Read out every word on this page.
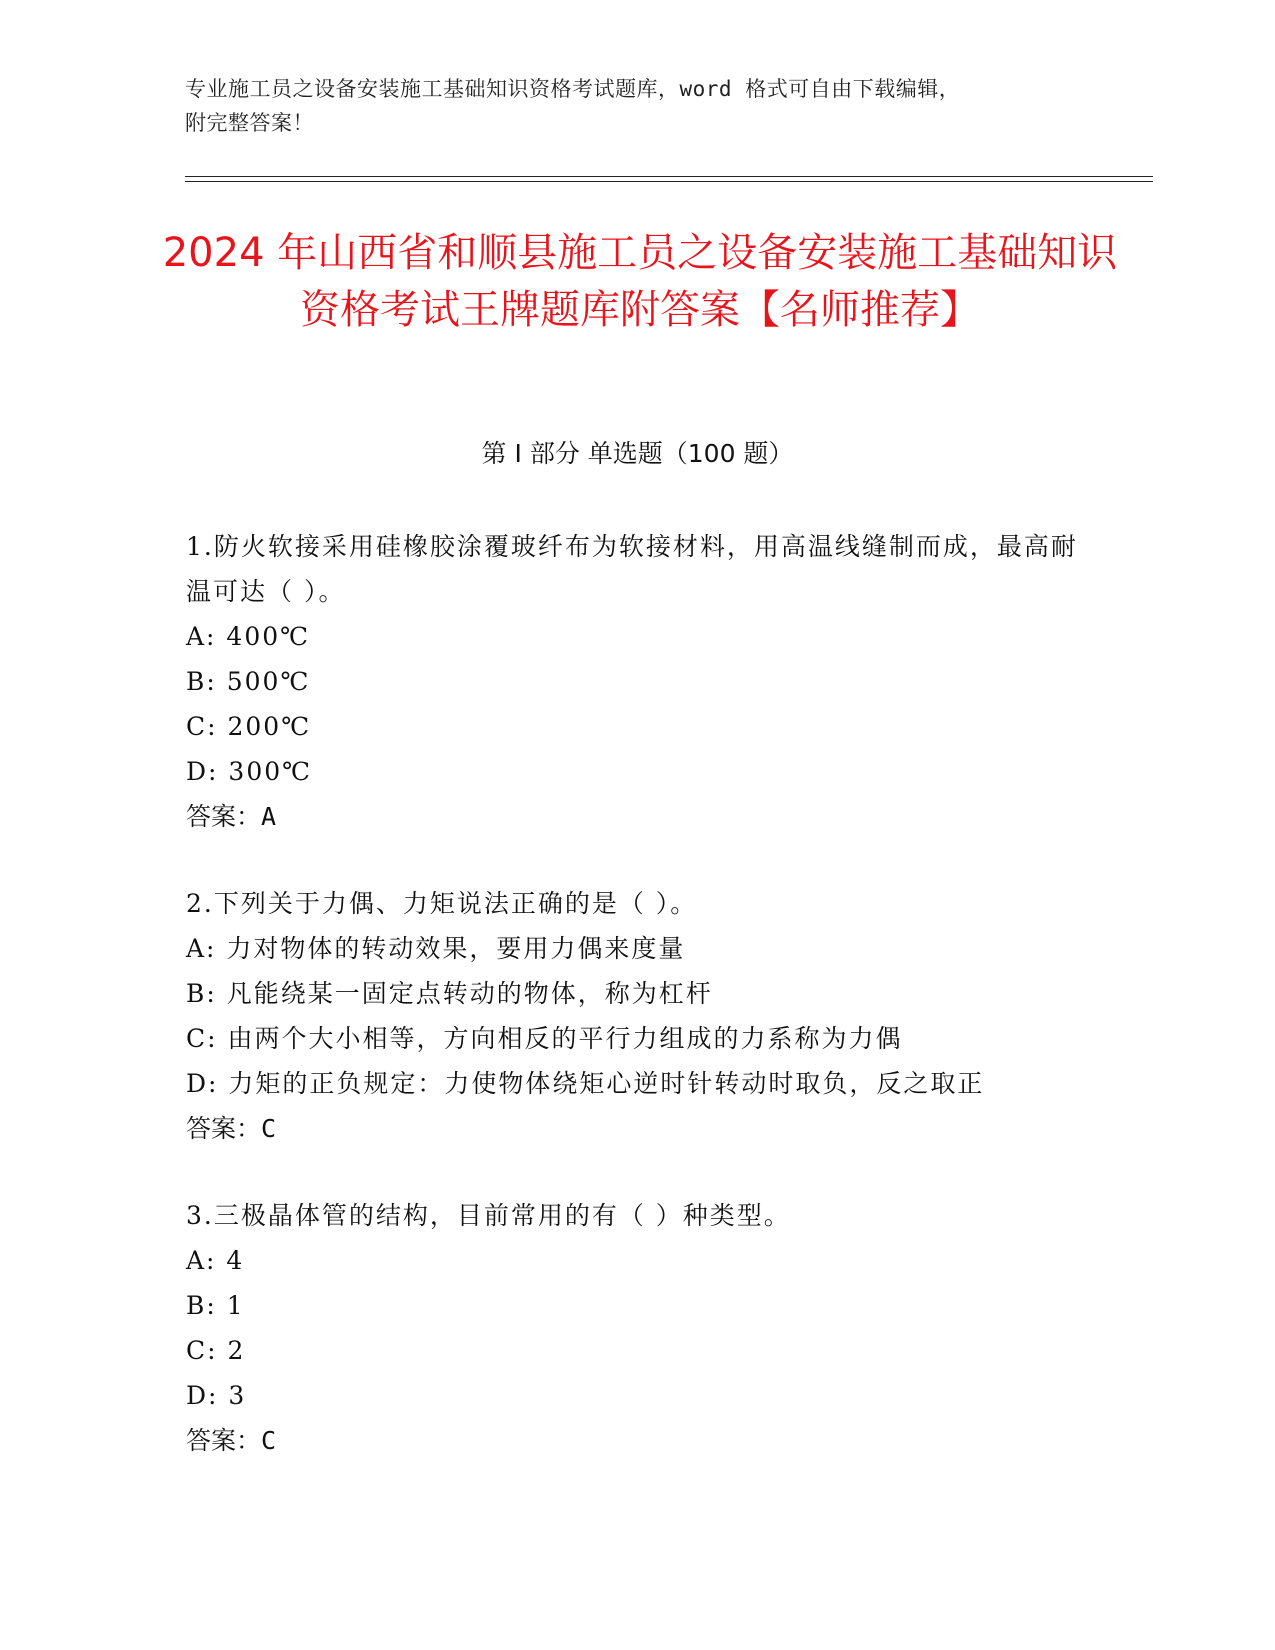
专业施工员之设备安装施工基础知识资格考试题库，word 格式可自由下载编辑，
附完整答案！
2024 年山西省和顺县施工员之设备安装施工基础知识资格考试王牌题库附答案【名师推荐】
第 I 部分 单选题（100 题）

1.防火软接采用硅橡胶涂覆玻纤布为软接材料，用高温线缝制而成，最高耐温可达（ ）。

A: 400℃

B: 500℃

C: 200℃

D: 300℃

答案：A

2.下列关于力偶、力矩说法正确的是（ ）。

A: 力对物体的转动效果，要用力偶来度量

B: 凡能绕某一固定点转动的物体，称为杠杆

C: 由两个大小相等，方向相反的平行力组成的力系称为力偶

D: 力矩的正负规定：力使物体绕矩心逆时针转动时取负，反之取正

答案：C

3.三极晶体管的结构，目前常用的有（ ）种类型。

A: 4

B: 1

C: 2

D: 3

答案：C
